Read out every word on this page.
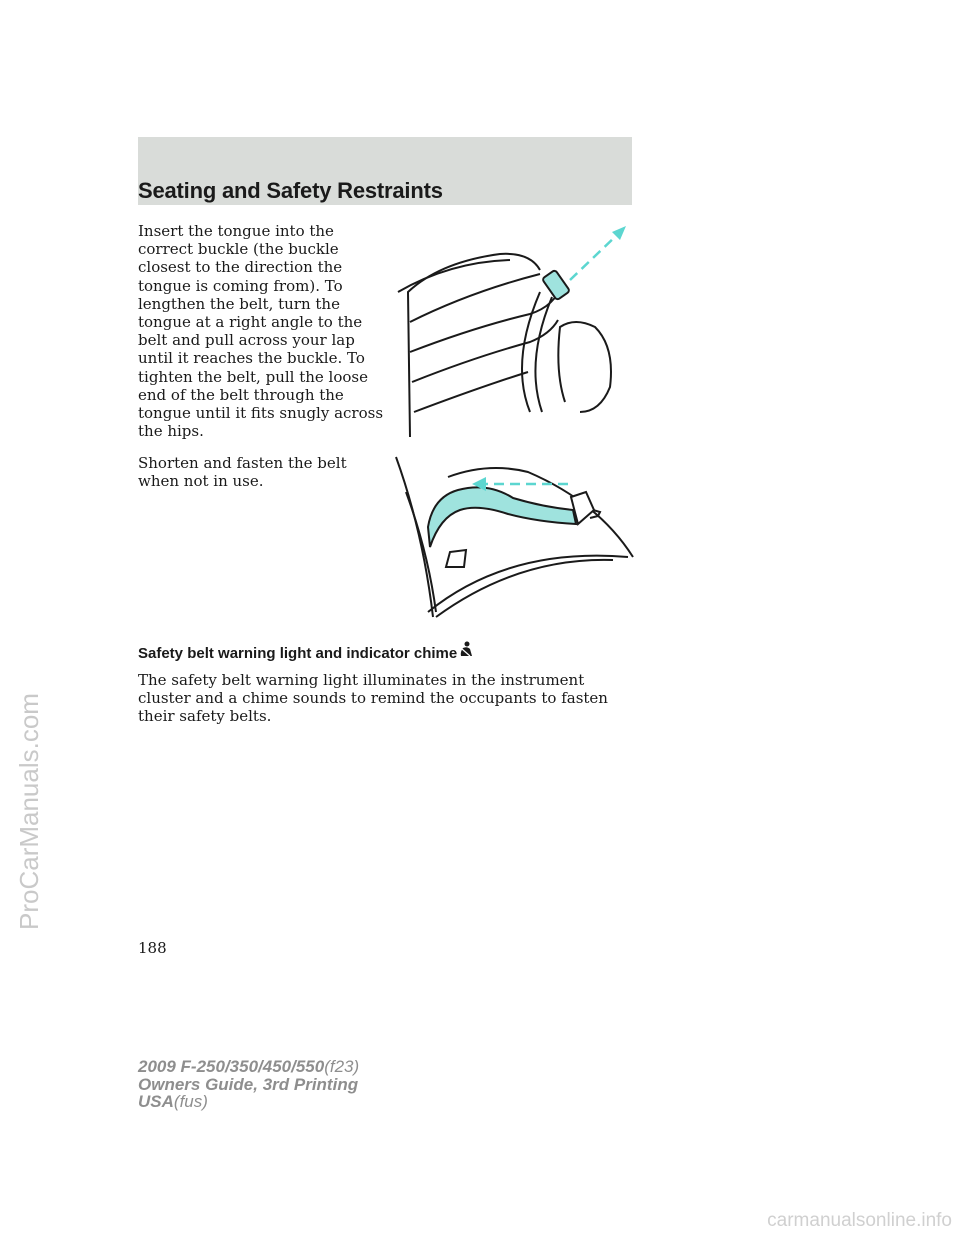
Seating and Safety Restraints

Insert the tongue into the correct buckle (the buckle closest to the direction the tongue is coming from). To lengthen the belt, turn the tongue at a right angle to the belt and pull across your lap until it reaches the buckle. To tighten the belt, pull the loose end of the belt through the tongue until it fits snugly across the hips.

Shorten and fasten the belt when not in use.

Safety belt warning light and indicator chime

The safety belt warning light illuminates in the instrument cluster and a chime sounds to remind the occupants to fasten their safety belts.

188
2009 F-250/350/450/550(f23)
Owners Guide, 3rd Printing
USA(fus)
ProCarManuals.com
carmanualsonline.info
